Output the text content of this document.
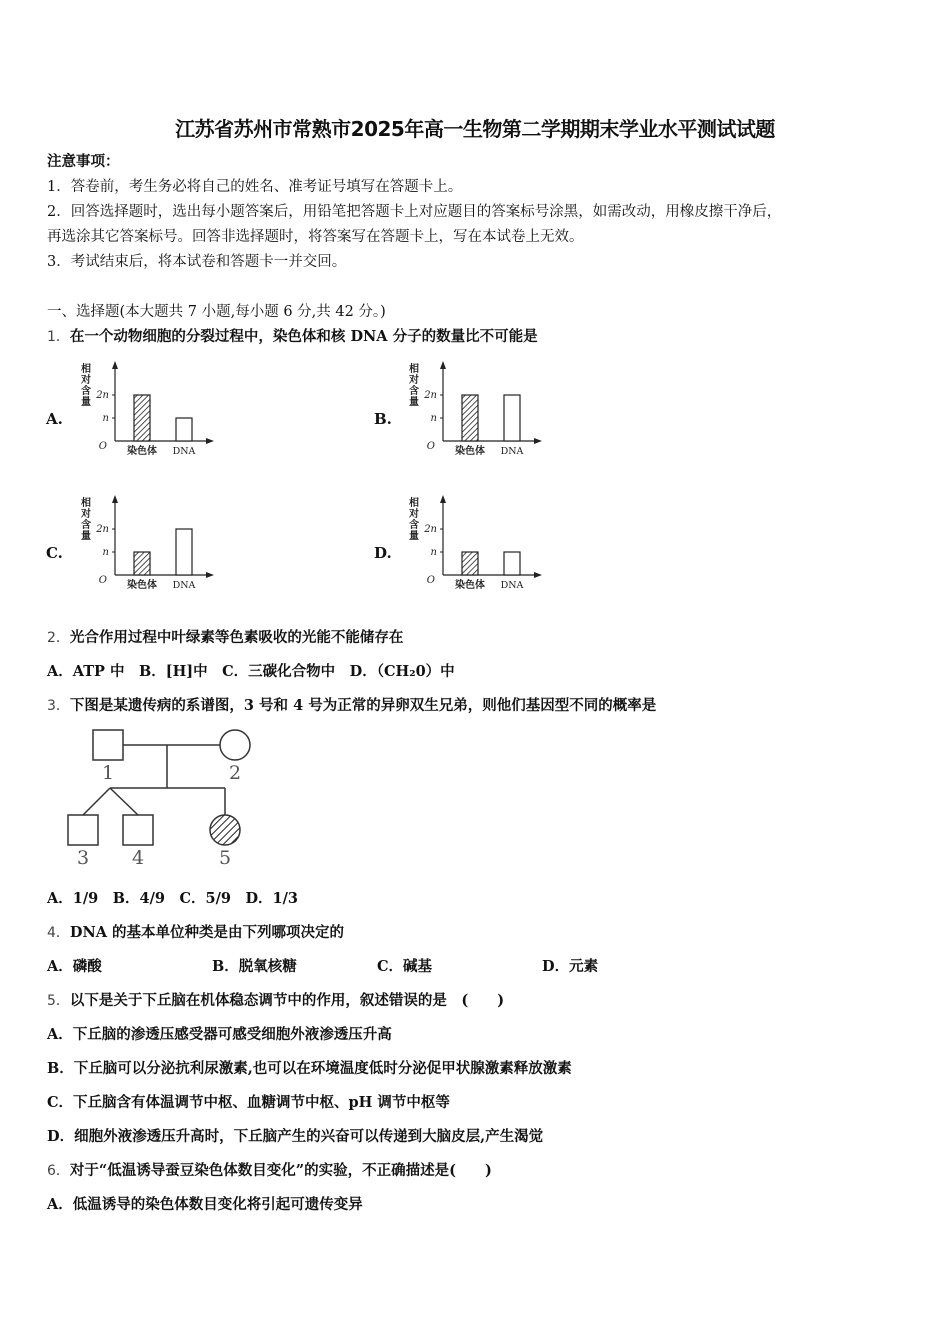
江苏省苏州市常熟市2025年高一生物第二学期期末学业水平测试试题
注意事项：
1．答卷前，考生务必将自己的姓名、准考证号填写在答题卡上。
2．回答选择题时，选出每小题答案后，用铅笔把答题卡上对应题目的答案标号涂黑，如需改动，用橡皮擦干净后，
再选涂其它答案标号。回答非选择题时，将答案写在答题卡上，写在本试卷上无效。
3．考试结束后，将本试卷和答题卡一并交回。
一、选择题(本大题共 7 小题,每小题 6 分,共 42 分。)
1．在一个动物细胞的分裂过程中，染色体和核 DNA 分子的数量比不可能是
A.
相
对
含
量
2n
n
O 染色体 DNA
B.
相
对
含
量
2n
n
O 染色体 DNA
C.
相
对
含
量
2n
n
O 染色体 DNA
D.
相
对
含
量
2n
n
O 染色体 DNA
2．光合作用过程中叶绿素等色素吸收的光能不能储存在
A．ATP 中　B．[H]中　C．三碳化合物中　D．（CH₂0）中
3．下图是某遗传病的系谱图，3 号和 4 号为正常的异卵双生兄弟，则他们基因型不同的概率是
1	2
3 4	5
A．1/9　B．4/9　C．5/9　D．1/3
4．DNA 的基本单位种类是由下列哪项决定的
A．磷酸	B．脱氧核糖	C．碱基	D．元素
5．以下是关于下丘脑在机体稳态调节中的作用，叙述错误的是　(　　)
A．下丘脑的渗透压感受器可感受细胞外液渗透压升高
B．下丘脑可以分泌抗利尿激素,也可以在环境温度低时分泌促甲状腺激素释放激素
C．下丘脑含有体温调节中枢、血糖调节中枢、pH 调节中枢等
D．细胞外液渗透压升高时，下丘脑产生的兴奋可以传递到大脑皮层,产生渴觉
6．对于“低温诱导蚕豆染色体数目变化”的实验，不正确描述是(　　)
A．低温诱导的染色体数目变化将引起可遗传变异
